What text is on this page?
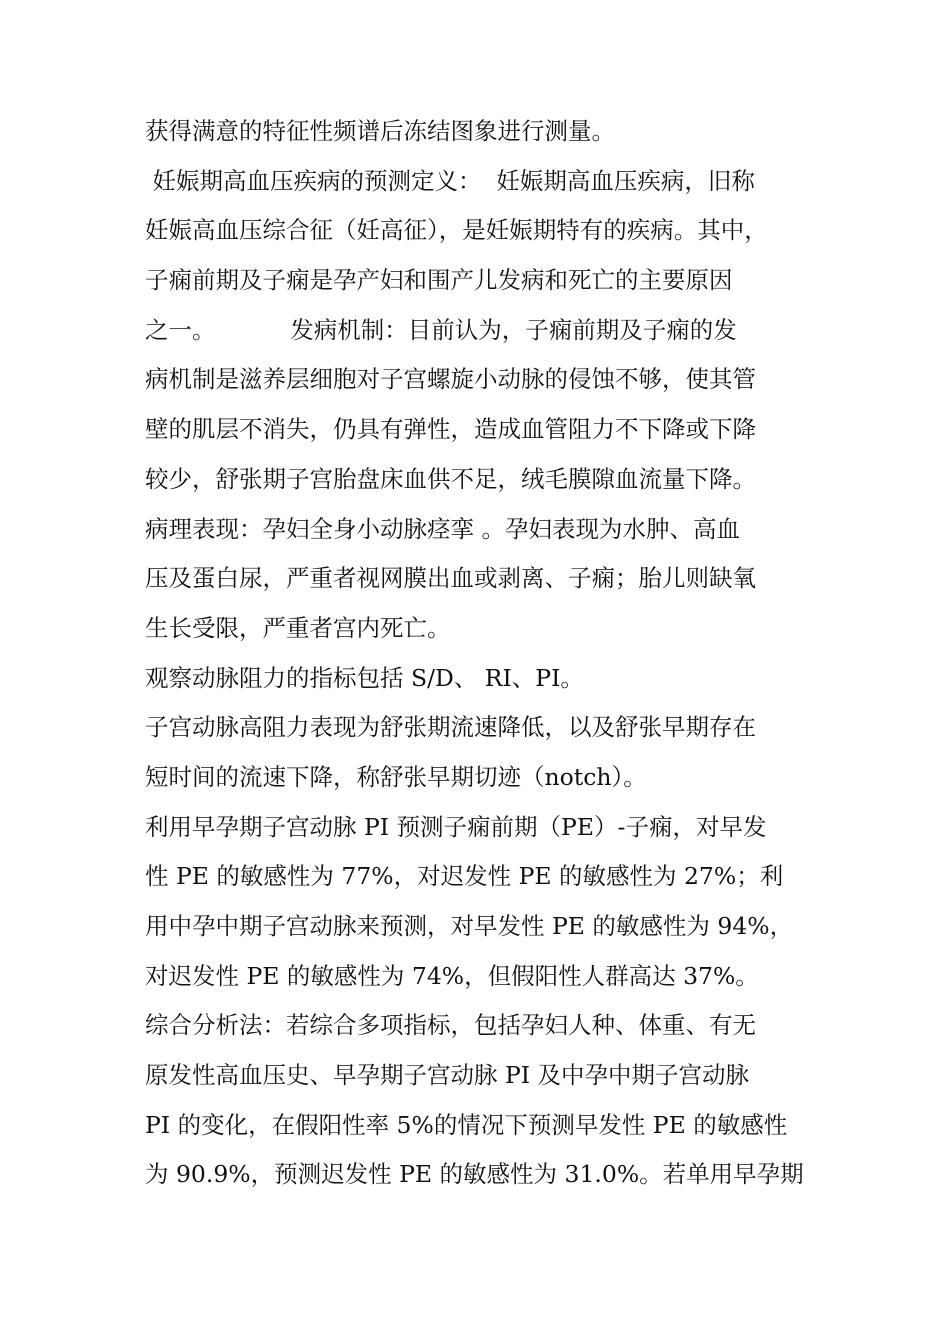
获得满意的特征性频谱后冻结图象进行测量。
妊娠期高血压疾病的预测定义：  妊娠期高血压疾病，旧称
妊娠高血压综合征（妊高征），是妊娠期特有的疾病。其中，
子痫前期及子痫是孕产妇和围产儿发病和死亡的主要原因
之一。          发病机制：目前认为，子痫前期及子痫的发
病机制是滋养层细胞对子宫螺旋小动脉的侵蚀不够，使其管
壁的肌层不消失，仍具有弹性，造成血管阻力不下降或下降
较少，舒张期子宫胎盘床血供不足，绒毛膜隙血流量下降。
病理表现：孕妇全身小动脉痉挛 。孕妇表现为水肿、高血
压及蛋白尿，严重者视网膜出血或剥离、子痫；胎儿则缺氧
生长受限，严重者宫内死亡。
观察动脉阻力的指标包括 S/D、 RI、PI。
子宫动脉高阻力表现为舒张期流速降低，以及舒张早期存在
短时间的流速下降，称舒张早期切迹（notch）。
利用早孕期子宫动脉 PI 预测子痫前期（PE）-子痫，对早发
性 PE 的敏感性为 77%，对迟发性 PE 的敏感性为 27%；利
用中孕中期子宫动脉来预测，对早发性 PE 的敏感性为 94%，
对迟发性 PE 的敏感性为 74%，但假阳性人群高达 37%。
综合分析法：若综合多项指标，包括孕妇人种、体重、有无
原发性高血压史、早孕期子宫动脉 PI 及中孕中期子宫动脉
PI 的变化，在假阳性率 5%的情况下预测早发性 PE 的敏感性
为 90.9%，预测迟发性 PE 的敏感性为 31.0%。若单用早孕期
